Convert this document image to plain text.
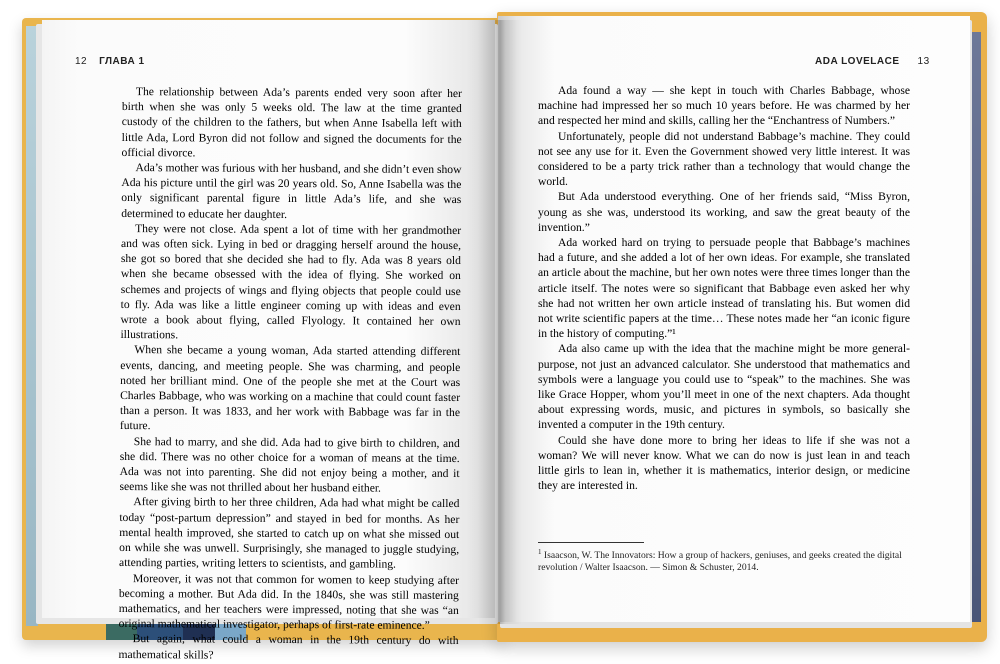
12 ГЛАВА 1	ADA LOVELACE 13

The relationship between Ada’s parents ended very soon after her birth when she was only 5 weeks old. The law at the time granted custody of the children to the fathers, but when Anne Isabella left with little Ada, Lord Byron did not follow and signed the documents for the official divorce.

Ada’s mother was furious with her husband, and she didn’t even show Ada his picture until the girl was 20 years old. So, Anne Isabella was the only significant parental figure in little Ada’s life, and she was determined to educate her daughter.

They were not close. Ada spent a lot of time with her grandmother and was often sick. Lying in bed or dragging herself around the house, she got so bored that she decided she had to fly. Ada was 8 years old when she became obsessed with the idea of flying. She worked on schemes and projects of wings and flying objects that people could use to fly. Ada was like a little engineer coming up with ideas and even wrote a book about flying, called Flyology. It contained her own illustrations.

When she became a young woman, Ada started attending different events, dancing, and meeting people. She was charming, and people noted her brilliant mind. One of the people she met at the Court was Charles Babbage, who was working on a machine that could count faster than a person. It was 1833, and her work with Babbage was far in the future.

She had to marry, and she did. Ada had to give birth to children, and she did. There was no other choice for a woman of means at the time. Ada was not into parenting. She did not enjoy being a mother, and it seems like she was not thrilled about her husband either.

After giving birth to her three children, Ada had what might be called today “post-partum depression” and stayed in bed for months. As her mental health improved, she started to catch up on what she missed out on while she was unwell. Surprisingly, she managed to juggle studying, attending parties, writing letters to scientists, and gambling.

Moreover, it was not that common for women to keep studying after becoming a mother. But Ada did. In the 1840s, she was still mastering mathematics, and her teachers were impressed, noting that she was “an original mathematical investigator, perhaps of first-rate eminence.”

But again, what could a woman in the 19th century do with mathematical skills?

Ada found a way — she kept in touch with Charles Babbage, whose machine had impressed her so much 10 years before. He was charmed by her and respected her mind and skills, calling her the “Enchantress of Numbers.”

Unfortunately, people did not understand Babbage’s machine. They could not see any use for it. Even the Government showed very little interest. It was considered to be a party trick rather than a technology that would change the world.

But Ada understood everything. One of her friends said, “Miss Byron, young as she was, understood its working, and saw the great beauty of the invention.”

Ada worked hard on trying to persuade people that Babbage’s machines had a future, and she added a lot of her own ideas. For example, she translated an article about the machine, but her own notes were three times longer than the article itself. The notes were so significant that Babbage even asked her why she had not written her own article instead of translating his. But women did not write scientific papers at the time… These notes made her “an iconic figure in the history of computing.”¹

Ada also came up with the idea that the machine might be more general-purpose, not just an advanced calculator. She understood that mathematics and symbols were a language you could use to “speak” to the machines. She was like Grace Hopper, whom you’ll meet in one of the next chapters. Ada thought about expressing words, music, and pictures in symbols, so basically she invented a computer in the 19th century.

Could she have done more to bring her ideas to life if she was not a woman? We will never know. What we can do now is just lean in and teach little girls to lean in, whether it is mathematics, interior design, or medicine they are interested in.

$^1$ Isaacson, W. The Innovators: How a group of hackers, geniuses, and geeks created the digital revolution / Walter Isaacson. — Simon & Schuster, 2014.
